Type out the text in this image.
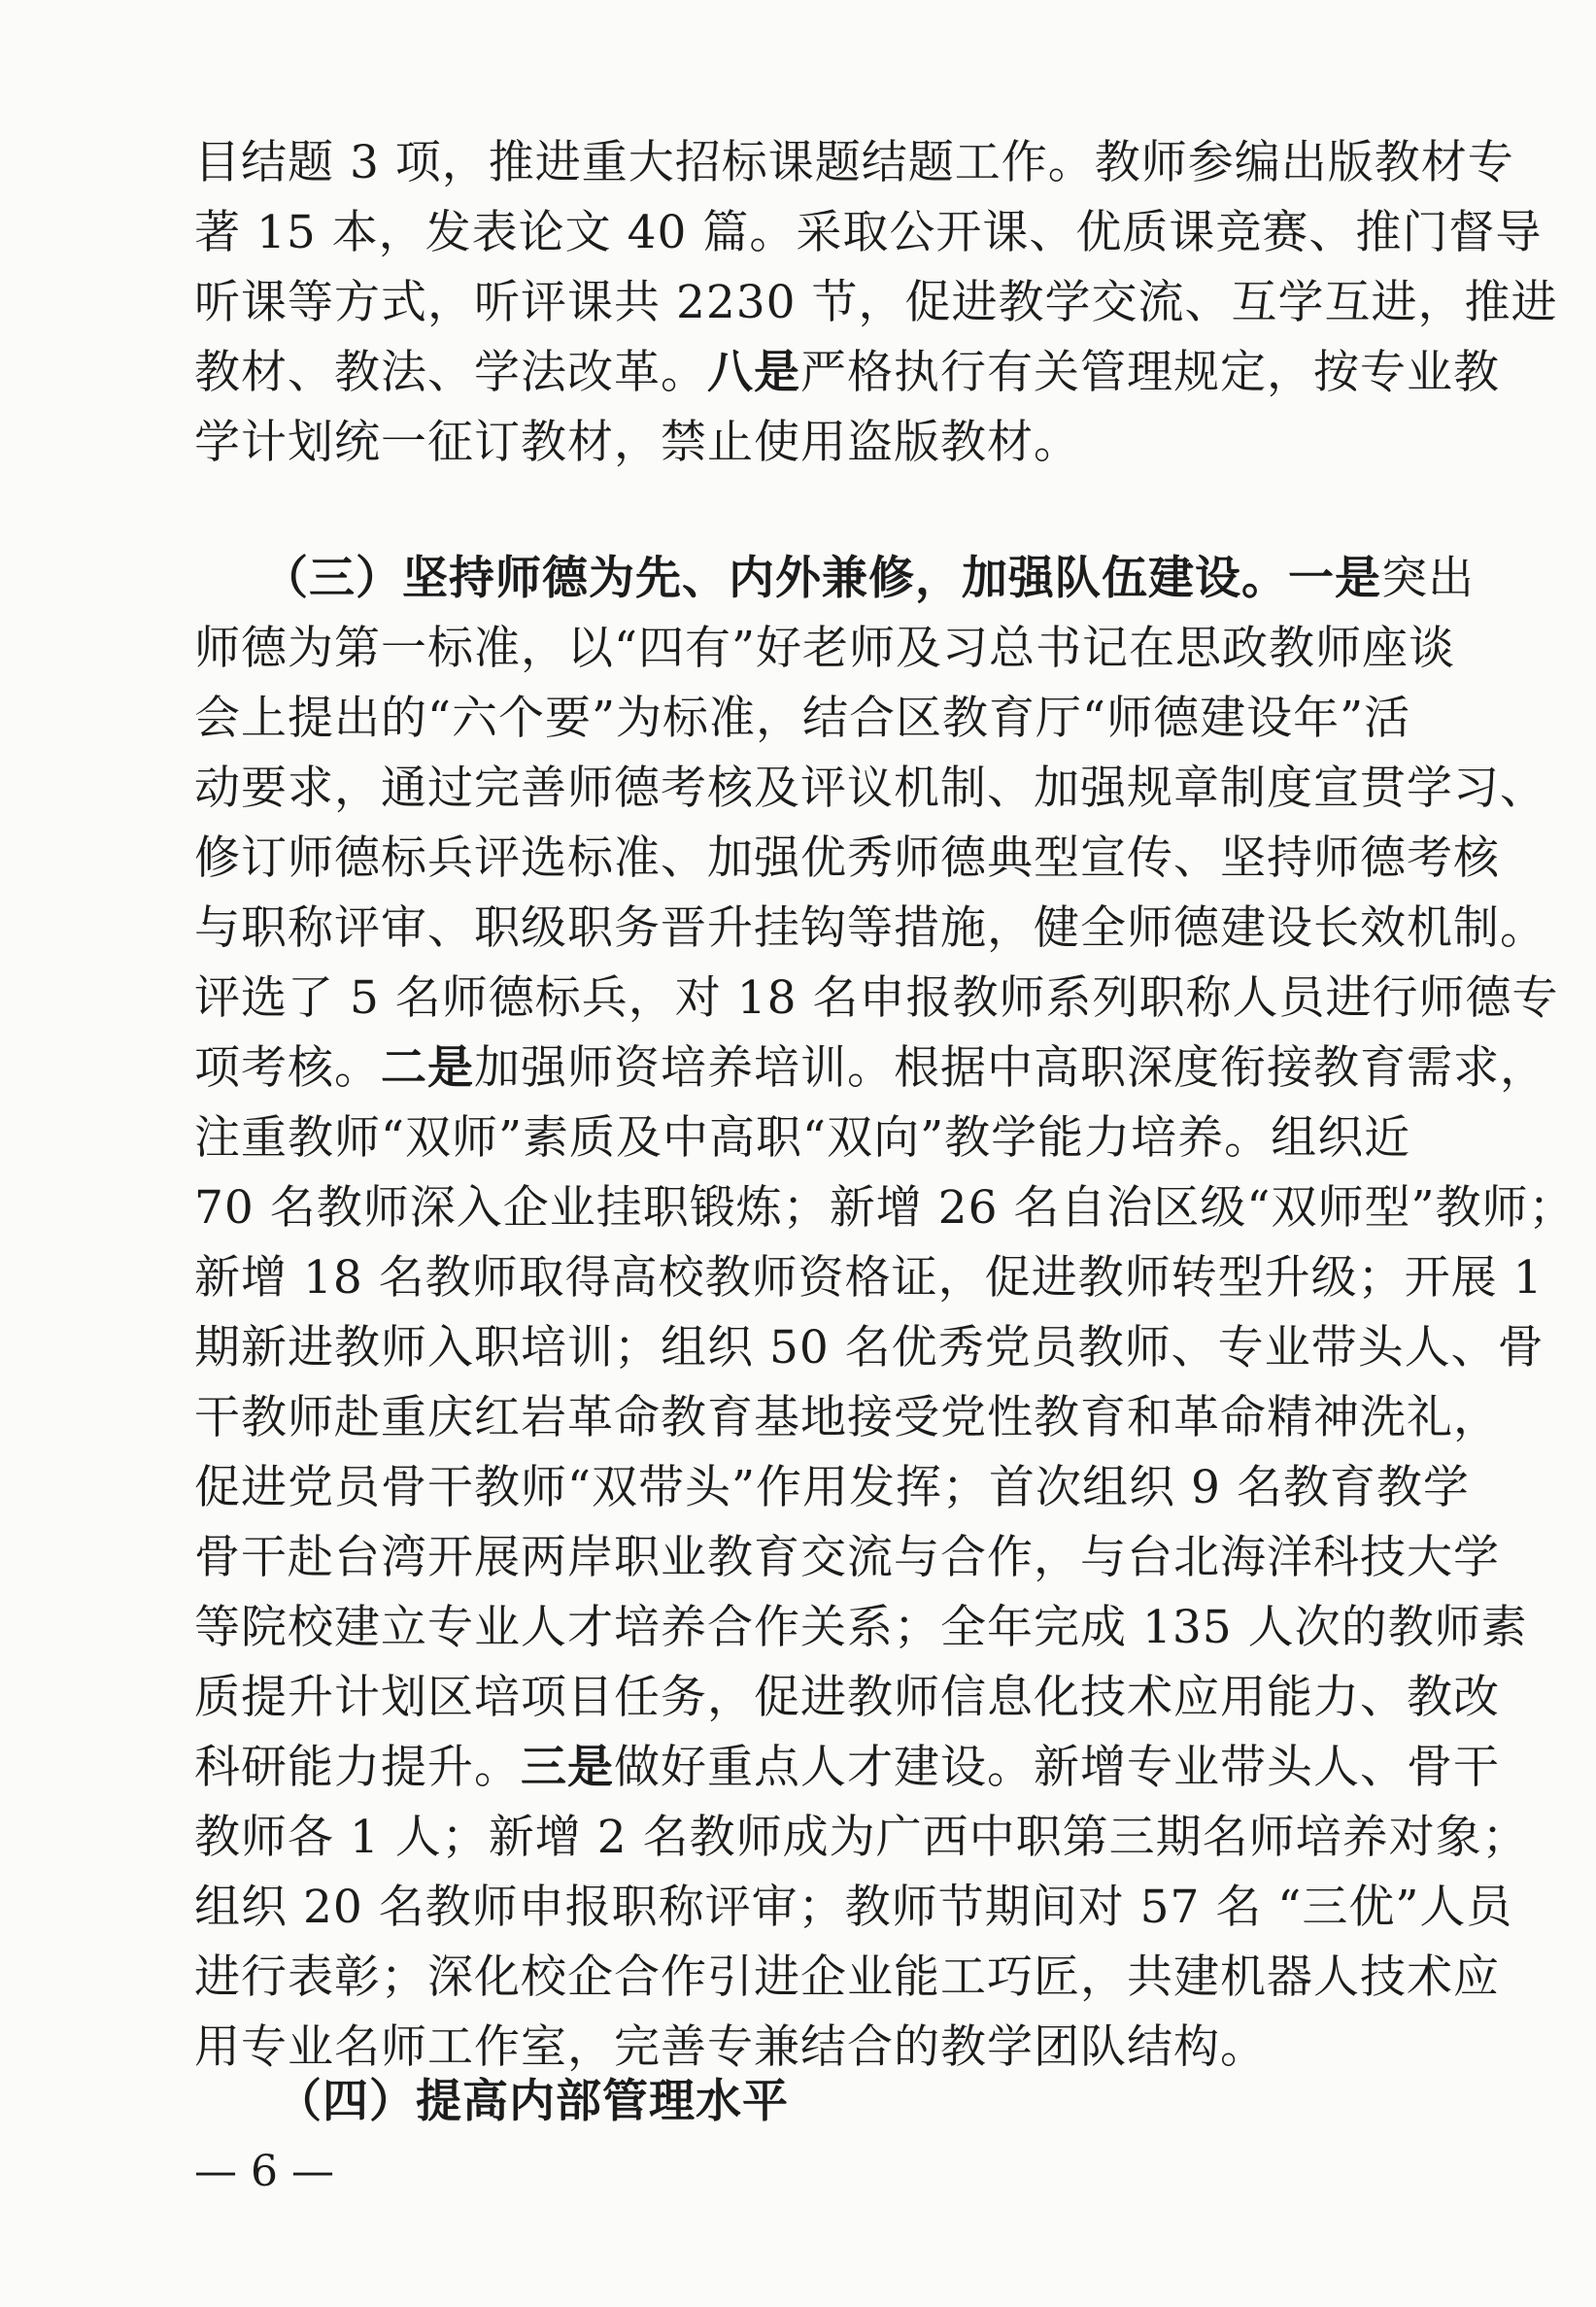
目结题 3 项，推进重大招标课题结题工作。教师参编出版教材专
著 15 本，发表论文 40 篇。采取公开课、优质课竞赛、推门督导
听课等方式，听评课共 2230 节，促进教学交流、互学互进，推进
教材、教法、学法改革。八是严格执行有关管理规定，按专业教
学计划统一征订教材，禁止使用盗版教材。
（三）坚持师德为先、内外兼修，加强队伍建设。一是突出
师德为第一标准，以“四有”好老师及习总书记在思政教师座谈
会上提出的“六个要”为标准，结合区教育厅“师德建设年”活
动要求，通过完善师德考核及评议机制、加强规章制度宣贯学习、
修订师德标兵评选标准、加强优秀师德典型宣传、坚持师德考核
与职称评审、职级职务晋升挂钩等措施，健全师德建设长效机制。
评选了 5 名师德标兵，对 18 名申报教师系列职称人员进行师德专
项考核。二是加强师资培养培训。根据中高职深度衔接教育需求，
注重教师“双师”素质及中高职“双向”教学能力培养。组织近
70 名教师深入企业挂职锻炼；新增 26 名自治区级“双师型”教师；
新增 18 名教师取得高校教师资格证，促进教师转型升级；开展 1
期新进教师入职培训；组织 50 名优秀党员教师、专业带头人、骨
干教师赴重庆红岩革命教育基地接受党性教育和革命精神洗礼，
促进党员骨干教师“双带头”作用发挥；首次组织 9 名教育教学
骨干赴台湾开展两岸职业教育交流与合作，与台北海洋科技大学
等院校建立专业人才培养合作关系；全年完成 135 人次的教师素
质提升计划区培项目任务，促进教师信息化技术应用能力、教改
科研能力提升。三是做好重点人才建设。新增专业带头人、骨干
教师各 1 人；新增 2 名教师成为广西中职第三期名师培养对象；
组织 20 名教师申报职称评审；教师节期间对 57 名 “三优”人员
进行表彰；深化校企合作引进企业能工巧匠，共建机器人技术应
用专业名师工作室，完善专兼结合的教学团队结构。
（四）提高内部管理水平
— 6 —
